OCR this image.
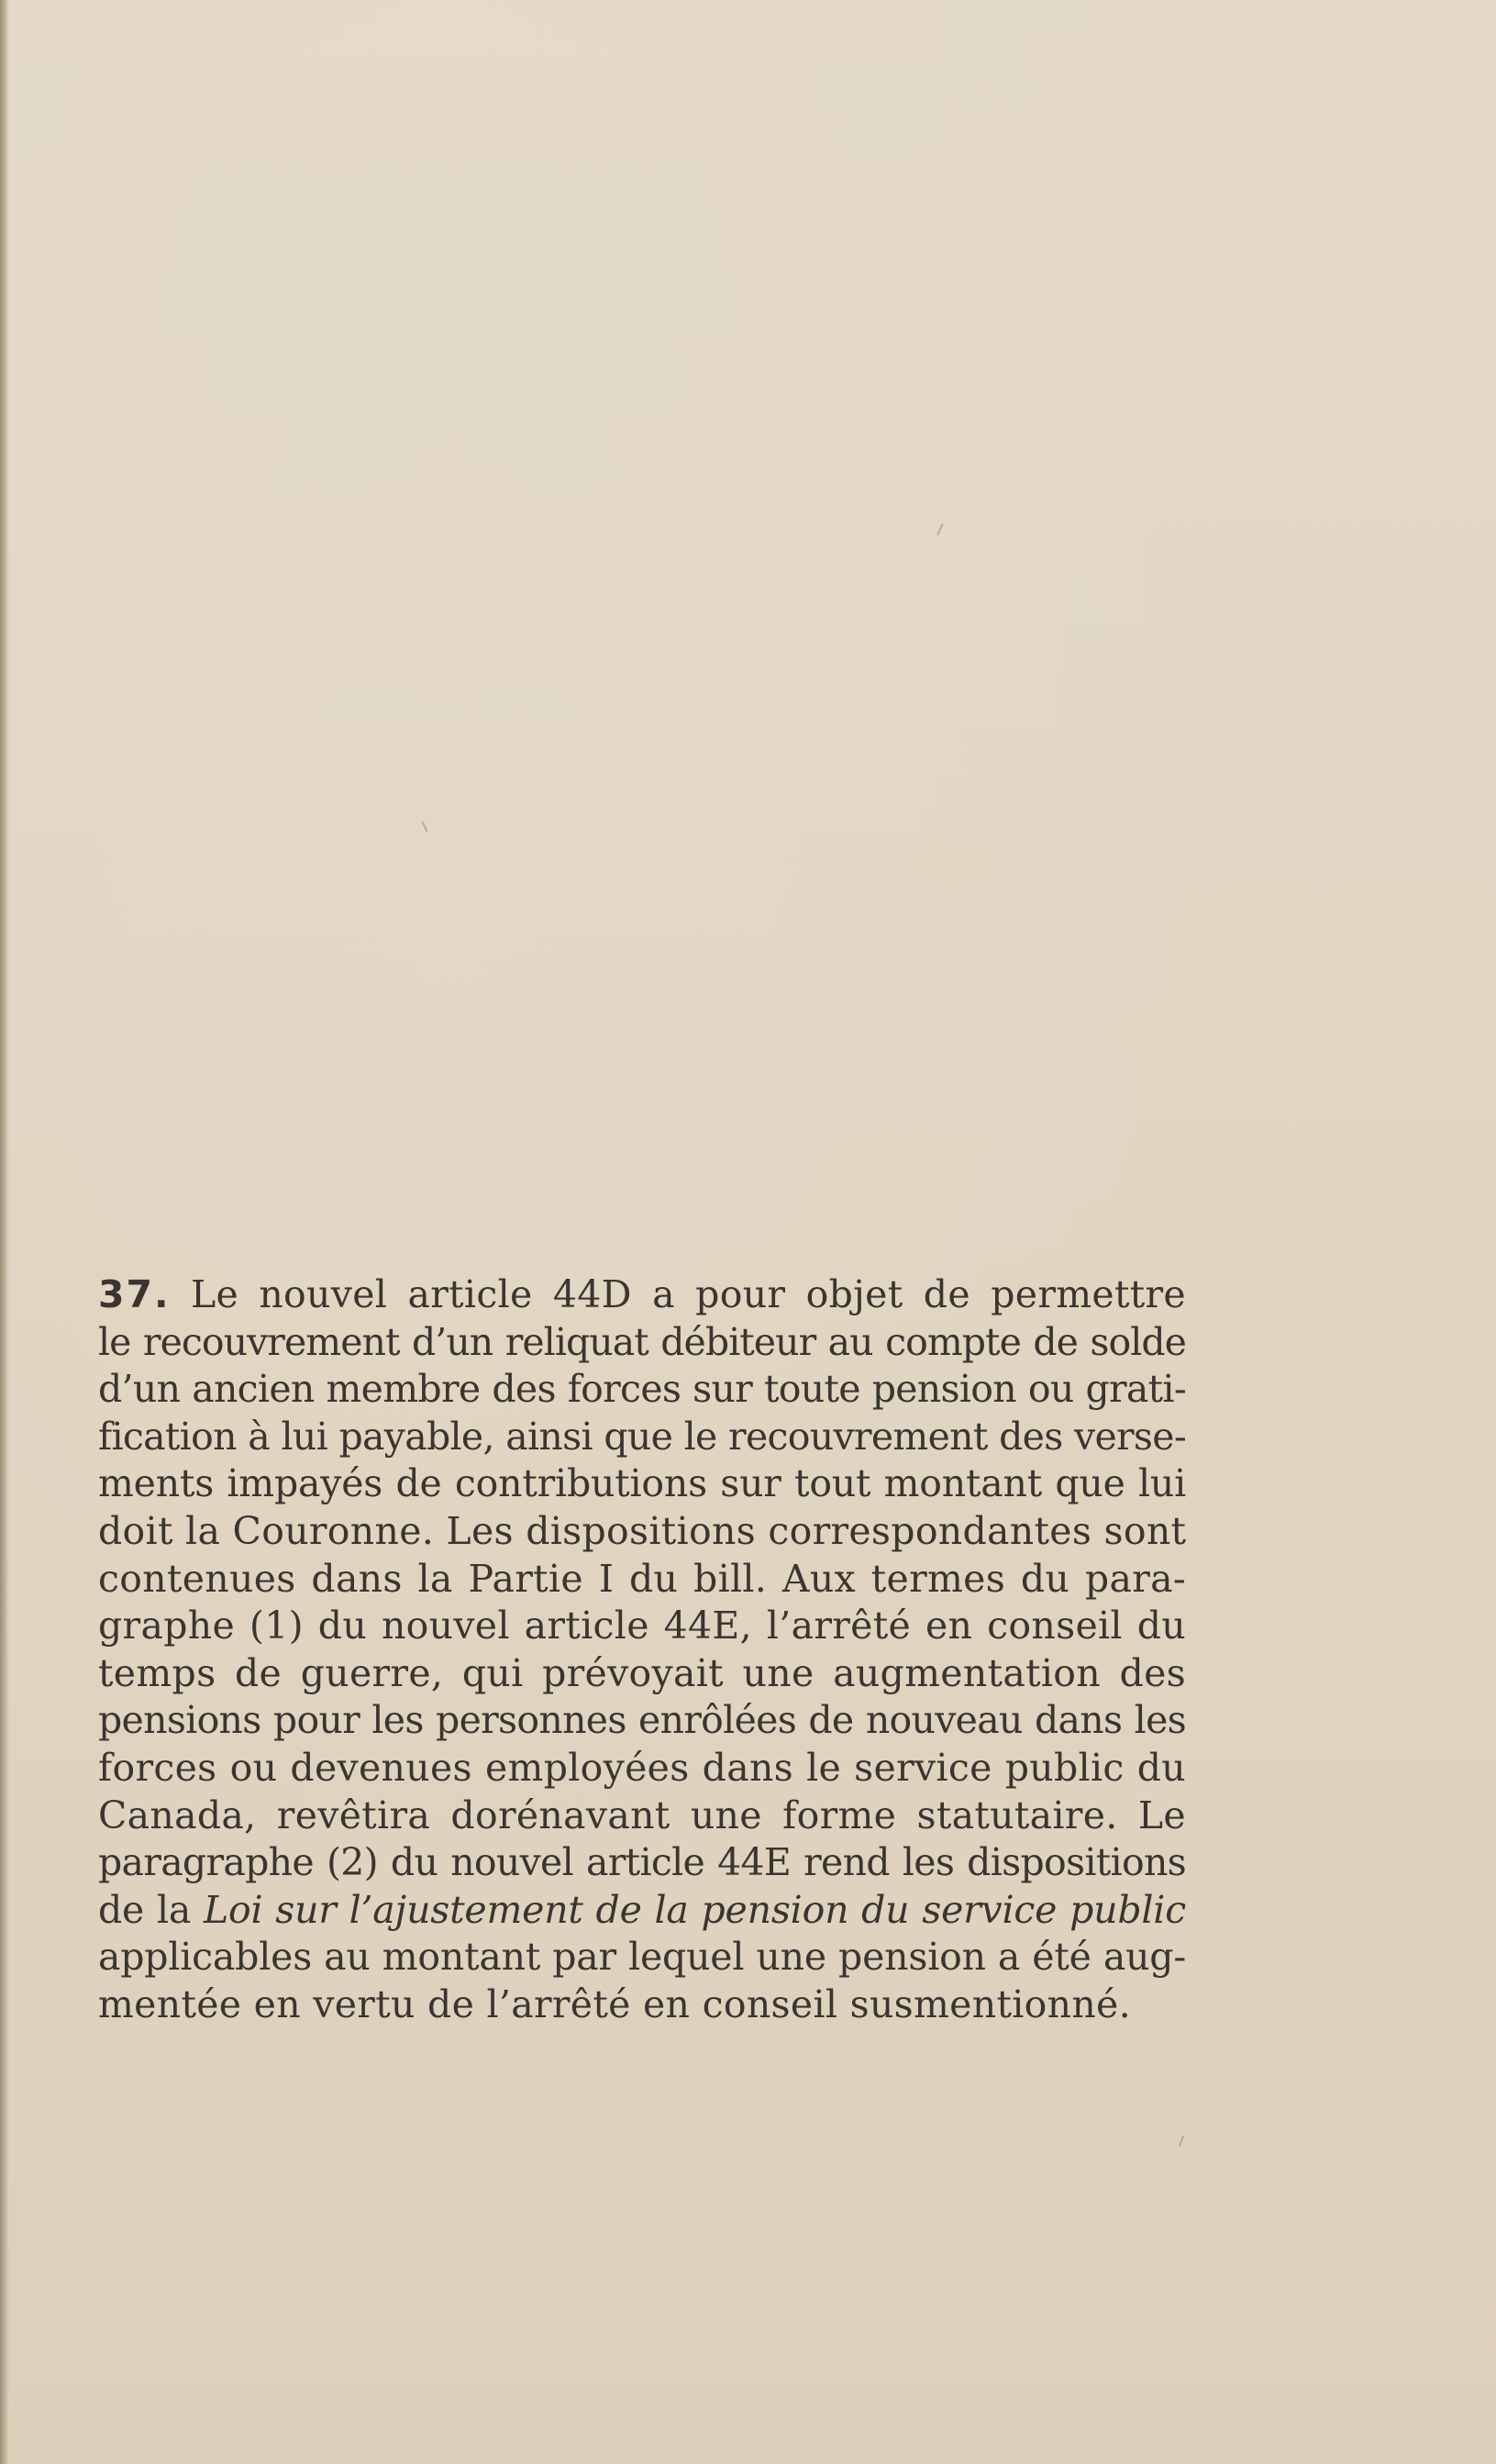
37. Le nouvel article 44D a pour objet de permettre
le recouvrement d’un reliquat débiteur au compte de solde
d’un ancien membre des forces sur toute pension ou grati-
fication à lui payable, ainsi que le recouvrement des verse-
ments impayés de contributions sur tout montant que lui
doit la Couronne. Les dispositions correspondantes sont
contenues dans la Partie I du bill. Aux termes du para-
graphe (1) du nouvel article 44E, l’arrêté en conseil du
temps de guerre, qui prévoyait une augmentation des
pensions pour les personnes enrôlées de nouveau dans les
forces ou devenues employées dans le service public du
Canada, revêtira dorénavant une forme statutaire. Le
paragraphe (2) du nouvel article 44E rend les dispositions
de la Loi sur l’ajustement de la pension du service public
applicables au montant par lequel une pension a été aug-
mentée en vertu de l’arrêté en conseil susmentionné.
